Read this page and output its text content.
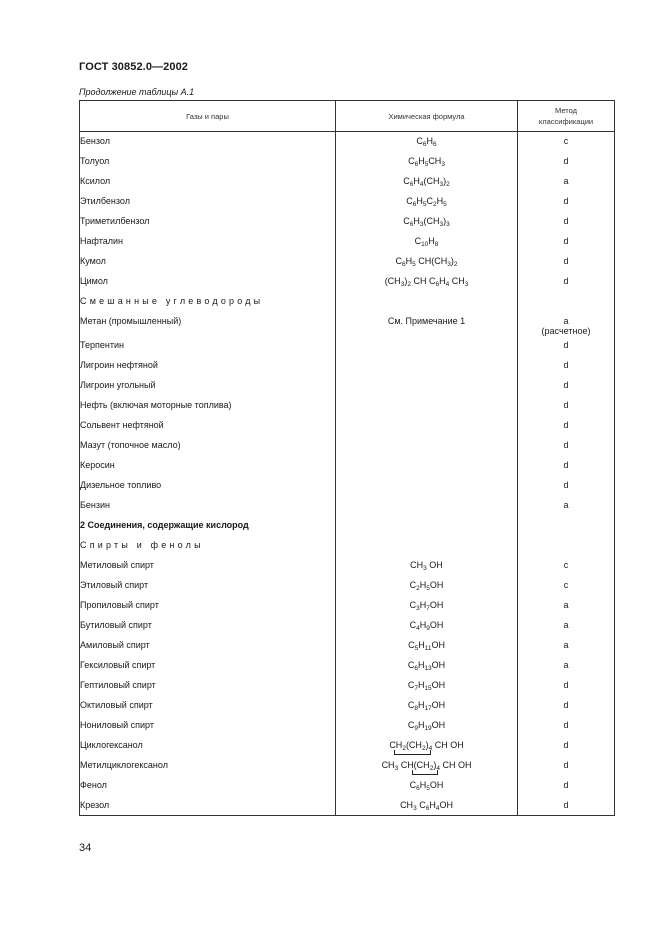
ГОСТ 30852.0—2002
Продолжение таблицы А.1
Газы и пары	Химическая формула	Метод классификации
Бензол	$C_6H_6$	c
Толуол	$C_6H_5CH_3$	d
Ксилол	$C_6H_4(CH_3)_2$	a
Этилбензол	$C_6H_5C_2H_5$	d
Триметилбензол	$C_6H_3(CH_3)_3$	d
Нафталин	$C_{10}H_8$	d
Кумол	$C_6H_5$ $CH(CH_3)_2$	d
Цимол	$(CH_3)_2$ CH $C_6H_4$ $CH_3$	d
Смешанные углеводороды		
Метан (промышленный)	См. Примечание 1	a
(расчетное)
Терпентин		d
Лигроин нефтяной		d
Лигроин угольный		d
Нефть (включая моторные топлива)		d
Сольвент нефтяной		d
Мазут (топочное масло)		d
Керосин		d
Дизельное топливо		d
Бензин		a
2 Соединения, содержащие кислород		
Спирты и фенолы		
Метиловый спирт	$CH_3$ OH	c
Этиловый спирт	$C_2H_5OH$	c
Пропиловый спирт	$C_3H_7OH$	a
Бутиловый спирт	$C_4H_9OH$	a
Амиловый спирт	$C_5H_{11}OH$	a
Гексиловый спирт	$C_6H_{13}OH$	a
Гептиловый спирт	$C_7H_{15}OH$	d
Октиловый спирт	$C_8H_{17}OH$	d
Нониловый спирт	$C_9H_{19}OH$	d
Циклогексанол	$CH_2(CH_2)_4$ CH OH	d
Метилциклогексанол	$CH_3$ $CH(CH_2)_4$ CH OH	d
Фенол	$C_6H_5OH$	d
Крезол	$CH_3$ $C_6H_4OH$	d
34
